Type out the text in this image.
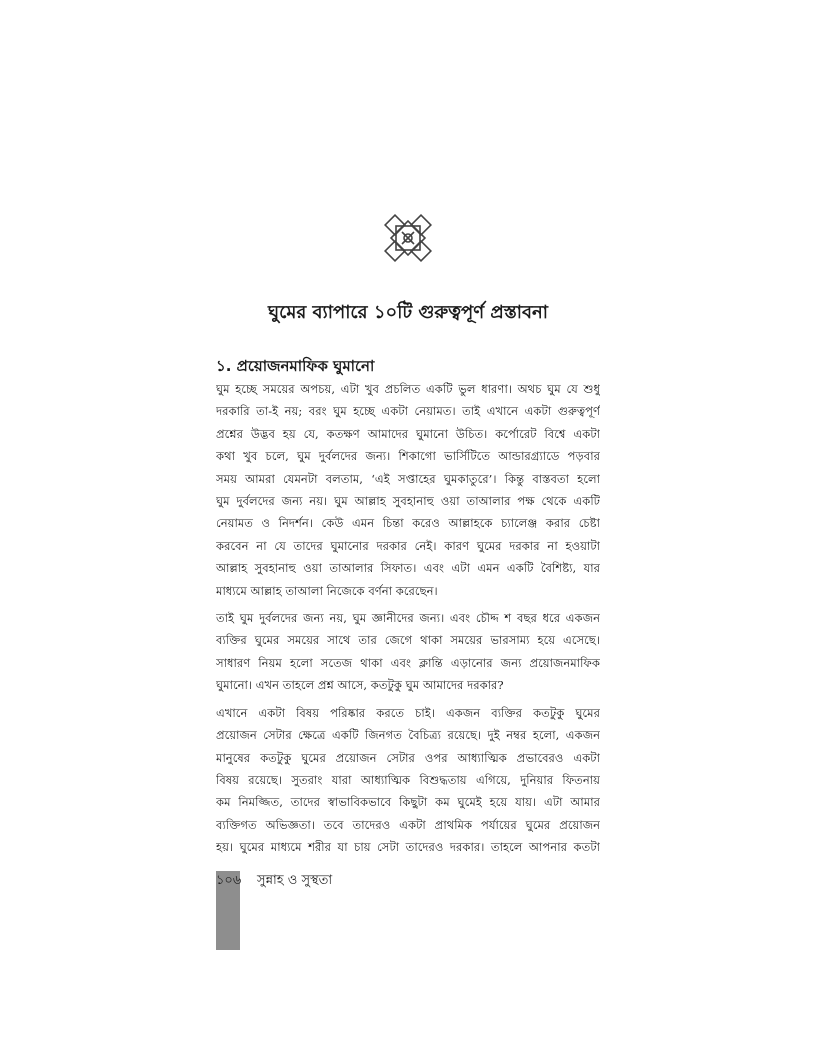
ঘুমের ব্যাপারে ১০টি গুরুত্বপূর্ণ প্রস্তাবনা
১. প্রয়োজনমাফিক ঘুমানো
ঘুম হচ্ছে সময়ের অপচয়, এটা খুব প্রচলিত একটি ভুল ধারণা। অথচ ঘুম যে শুধু
দরকারি তা-ই নয়; বরং ঘুম হচ্ছে একটা নেয়ামত। তাই এখানে একটা গুরুত্বপূর্ণ
প্রশ্নের উদ্ভব হয় যে, কতক্ষণ আমাদের ঘুমানো উচিত। কর্পোরেট বিশ্বে একটা
কথা খুব চলে, ঘুম দুর্বলদের জন্য। শিকাগো ভার্সিটিতে আন্ডারগ্র্যাডে পড়বার
সময় আমরা যেমনটা বলতাম, ‘এই সপ্তাহের ঘুমকাতুরে’। কিন্তু বাস্তবতা হলো
ঘুম দুর্বলদের জন্য নয়। ঘুম আল্লাহ সুবহানাহু ওয়া তাআলার পক্ষ থেকে একটি
নেয়ামত ও নিদর্শন। কেউ এমন চিন্তা করেও আল্লাহকে চ্যালেঞ্জ করার চেষ্টা
করবেন না যে তাদের ঘুমানোর দরকার নেই। কারণ ঘুমের দরকার না হওয়াটা
আল্লাহ সুবহানাহু ওয়া তাআলার সিফাত। এবং এটা এমন একটি বৈশিষ্ট্য, যার
মাধ্যমে আল্লাহ তাআলা নিজেকে বর্ণনা করেছেন।
তাই ঘুম দুর্বলদের জন্য নয়, ঘুম জ্ঞানীদের জন্য। এবং চৌদ্দ শ বছর ধরে একজন
ব্যক্তির ঘুমের সময়ের সাথে তার জেগে থাকা সময়ের ভারসাম্য হয়ে এসেছে।
সাধারণ নিয়ম হলো সতেজ থাকা এবং ক্লান্তি এড়ানোর জন্য প্রয়োজনমাফিক
ঘুমানো। এখন তাহলে প্রশ্ন আসে, কতটুকু ঘুম আমাদের দরকার?
এখানে একটা বিষয় পরিষ্কার করতে চাই। একজন ব্যক্তির কতটুকু ঘুমের
প্রয়োজন সেটার ক্ষেত্রে একটি জিনগত বৈচিত্র্য রয়েছে। দুই নম্বর হলো, একজন
মানুষের কতটুকু ঘুমের প্রয়োজন সেটার ওপর আধ্যাত্মিক প্রভাবেরও একটা
বিষয় রয়েছে। সুতরাং যারা আধ্যাত্মিক বিশুদ্ধতায় এগিয়ে, দুনিয়ার ফিতনায়
কম নিমজ্জিত, তাদের স্বাভাবিকভাবে কিছুটা কম ঘুমেই হয়ে যায়। এটা আমার
ব্যক্তিগত অভিজ্ঞতা। তবে তাদেরও একটা প্রাথমিক পর্যায়ের ঘুমের প্রয়োজন
হয়। ঘুমের মাধ্যমে শরীর যা চায় সেটা তাদেরও দরকার। তাহলে আপনার কতটা
১০৬ সুন্নাহ ও সুস্থতা
